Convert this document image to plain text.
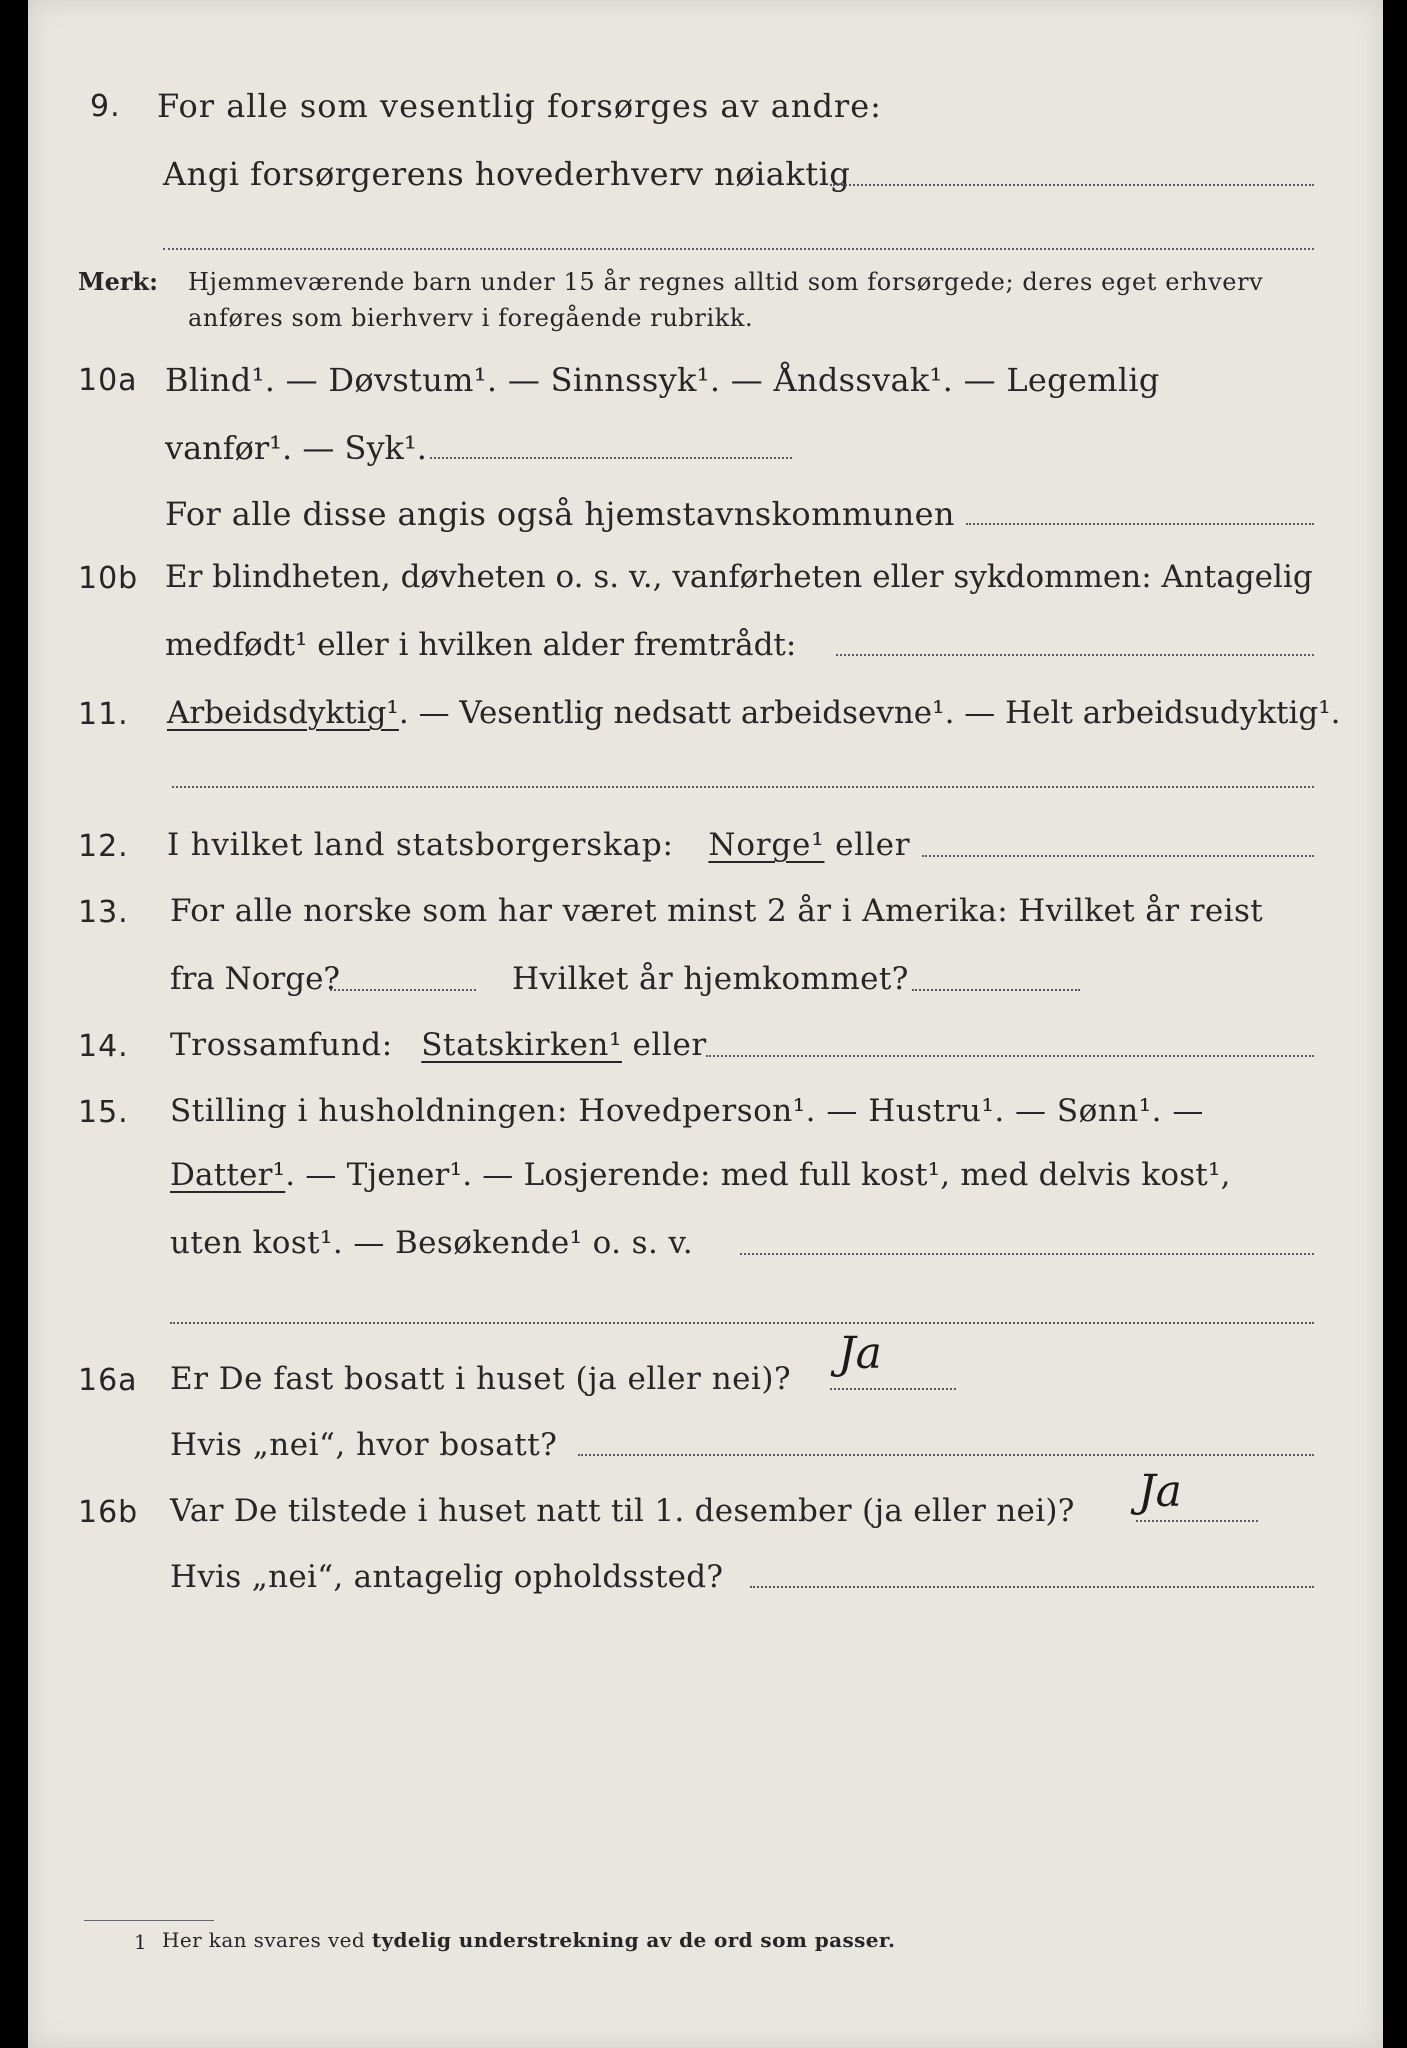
9. For alle som vesentlig forsørges av andre:
Angi forsørgerens hovederhverv nøiaktig
Merk: Hjemmeværende barn under 15 år regnes alltid som forsørgede; deres eget erhverv
anføres som bierhverv i foregående rubrikk.
10a Blind¹. — Døvstum¹. — Sinnssyk¹. — Åndssvak¹. — Legemlig
vanfør¹. — Syk¹.
For alle disse angis også hjemstavnskommunen
10b Er blindheten, døvheten o. s. v., vanførheten eller sykdommen: Antagelig
medfødt¹ eller i hvilken alder fremtrådt:
11. Arbeidsdyktig¹. — Vesentlig nedsatt arbeidsevne¹. — Helt arbeidsudyktig¹.
12. I hvilket land statsborgerskap: Norge¹ eller
13. For alle norske som har været minst 2 år i Amerika: Hvilket år reist
fra Norge?	Hvilket år hjemkommet?
14. Trossamfund: Statskirken¹ eller
15. Stilling i husholdningen: Hovedperson¹. — Hustru¹. — Sønn¹. —
Datter¹. — Tjener¹. — Losjerende: med full kost¹, med delvis kost¹,
uten kost¹. — Besøkende¹ o. s. v.
16a Er De fast bosatt i huset (ja eller nei)? Ja
Hvis „nei“, hvor bosatt?
16b Var De tilstede i huset natt til 1. desember (ja eller nei)? Ja
Hvis „nei“, antagelig opholdssted?
1 Her kan svares ved tydelig understrekning av de ord som passer.
